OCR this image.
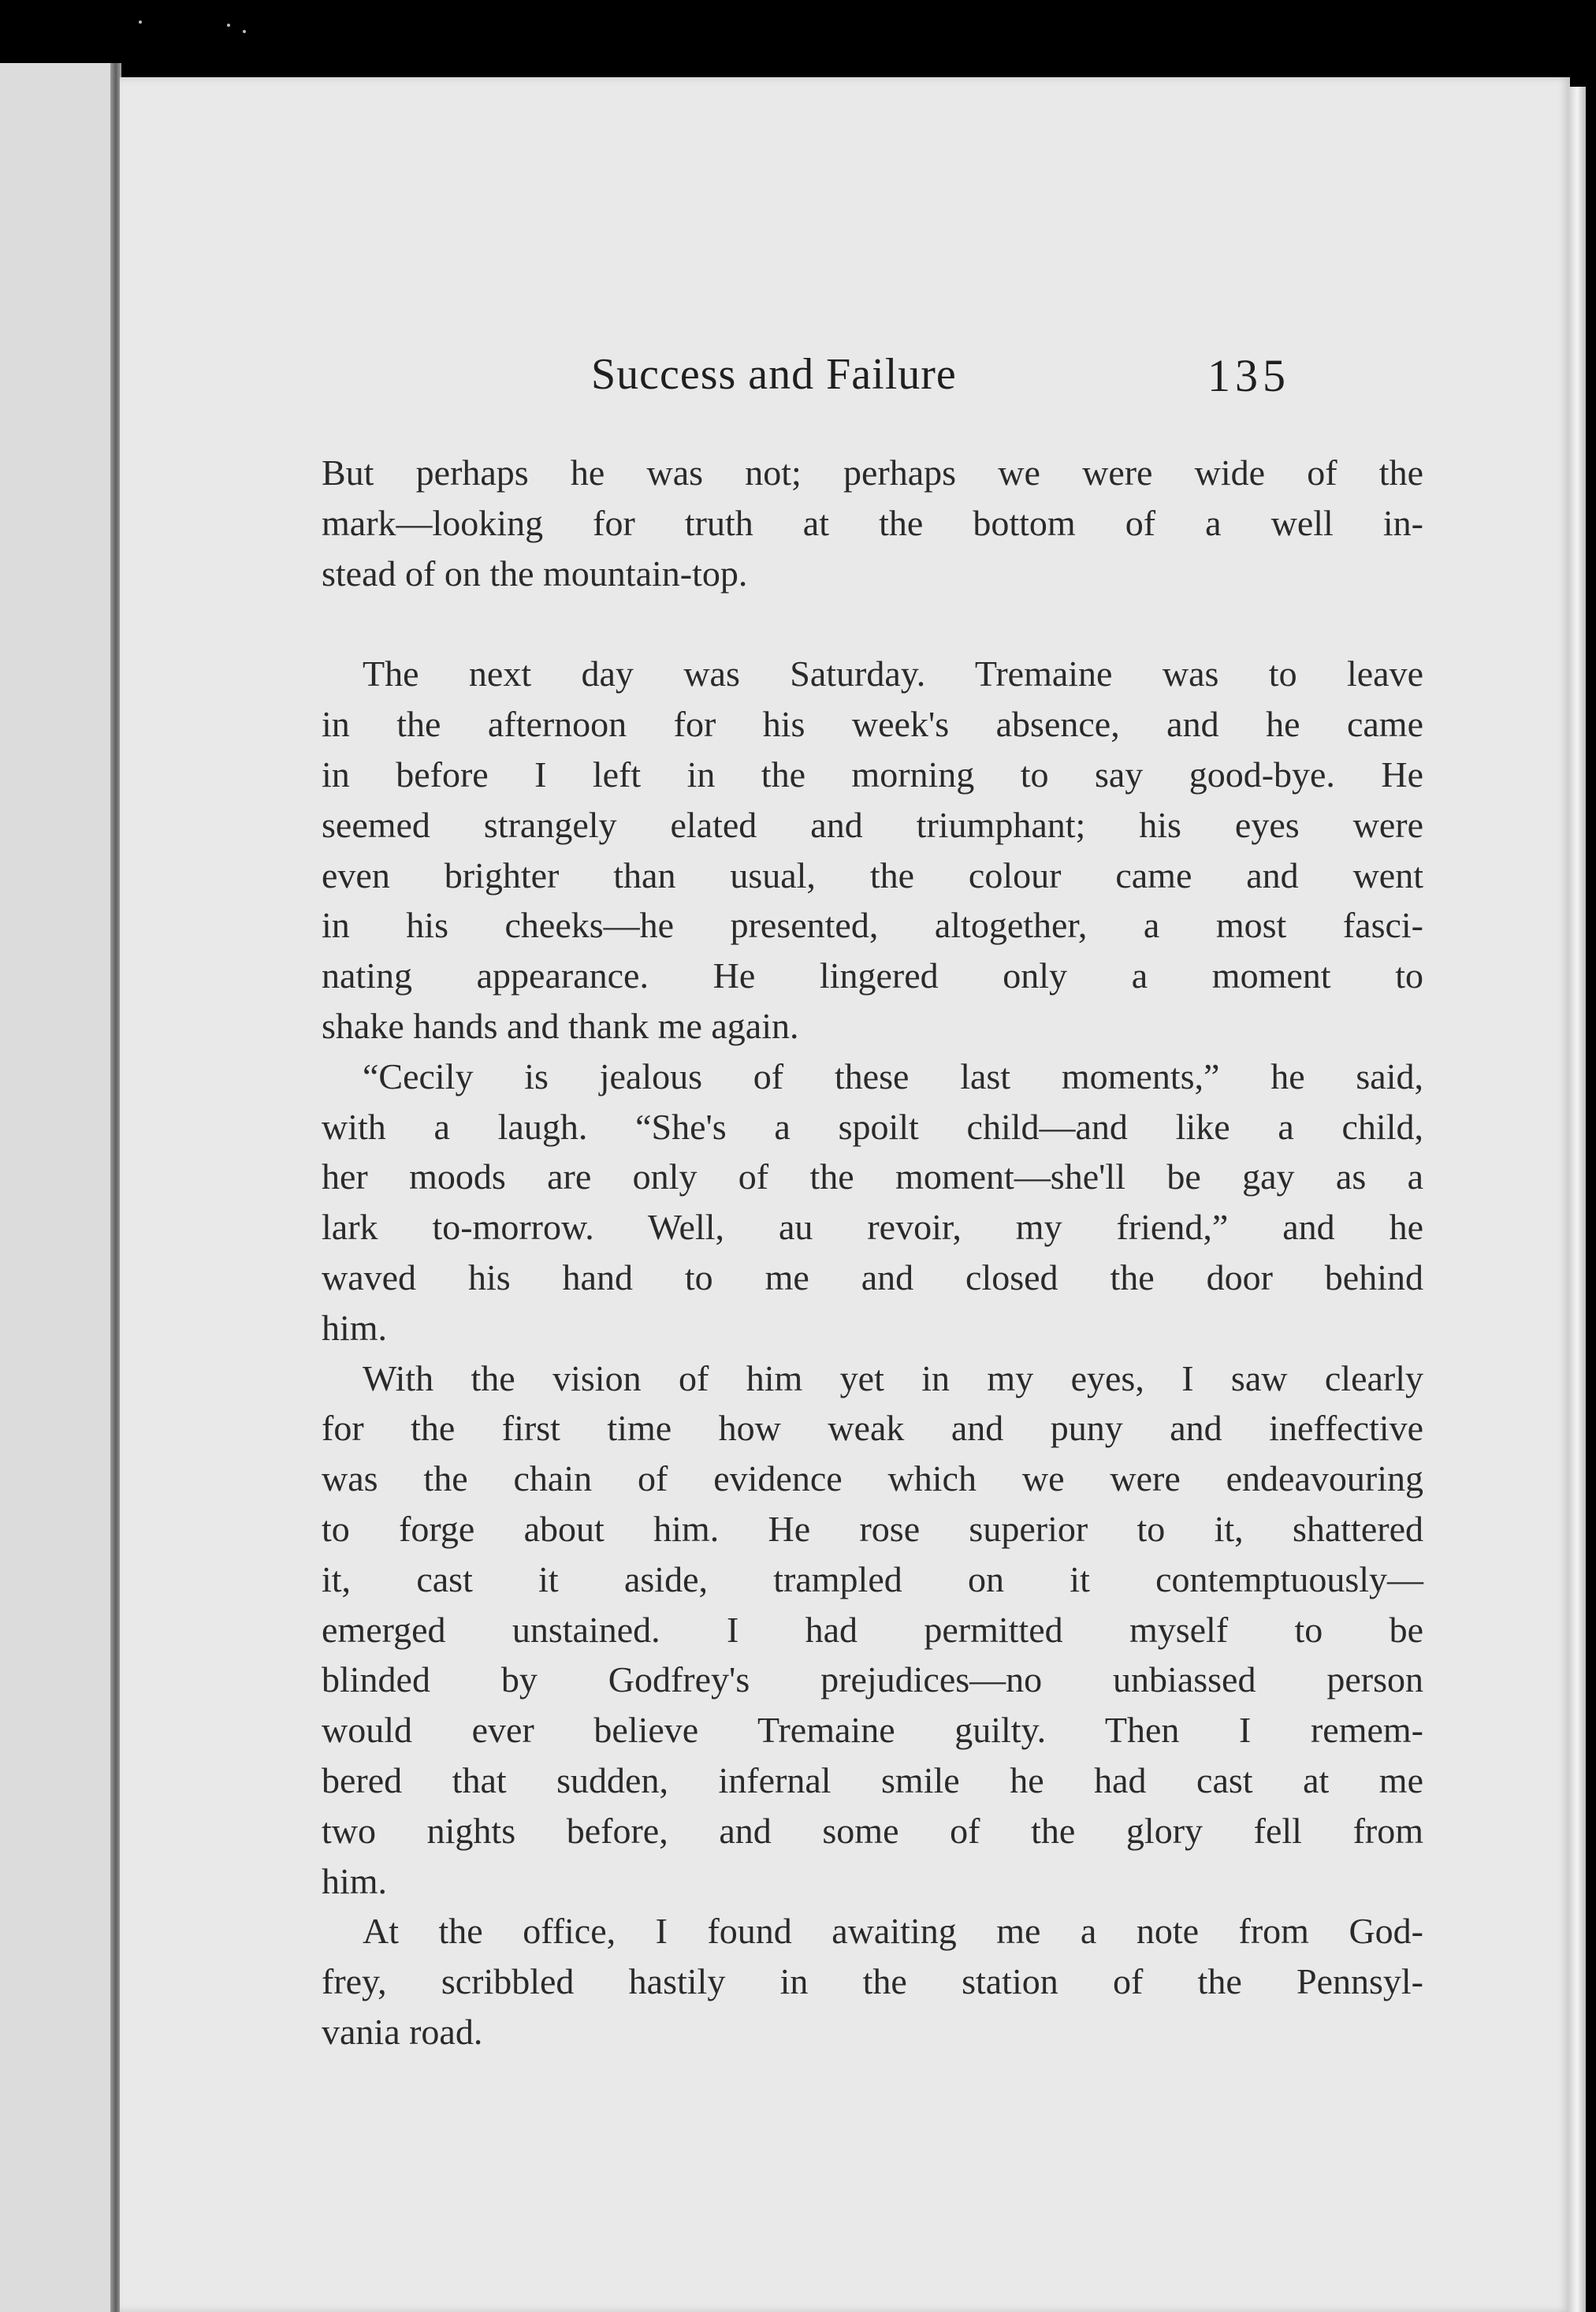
Success and Failure	135
But perhaps he was not; perhaps we were wide of the
mark—looking for truth at the bottom of a well in-
stead of on the mountain-top.
The next day was Saturday. Tremaine was to leave
in the afternoon for his week's absence, and he came
in before I left in the morning to say good-bye. He
seemed strangely elated and triumphant; his eyes were
even brighter than usual, the colour came and went
in his cheeks—he presented, altogether, a most fasci-
nating appearance. He lingered only a moment to
shake hands and thank me again.
“Cecily is jealous of these last moments,” he said,
with a laugh. “She's a spoilt child—and like a child,
her moods are only of the moment—she'll be gay as a
lark to-morrow. Well, au revoir, my friend,” and he
waved his hand to me and closed the door behind
him.
With the vision of him yet in my eyes, I saw clearly
for the first time how weak and puny and ineffective
was the chain of evidence which we were endeavouring
to forge about him. He rose superior to it, shattered
it, cast it aside, trampled on it contemptuously—
emerged unstained. I had permitted myself to be
blinded by Godfrey's prejudices—no unbiassed person
would ever believe Tremaine guilty. Then I remem-
bered that sudden, infernal smile he had cast at me
two nights before, and some of the glory fell from
him.
At the office, I found awaiting me a note from God-
frey, scribbled hastily in the station of the Pennsyl-
vania road.
